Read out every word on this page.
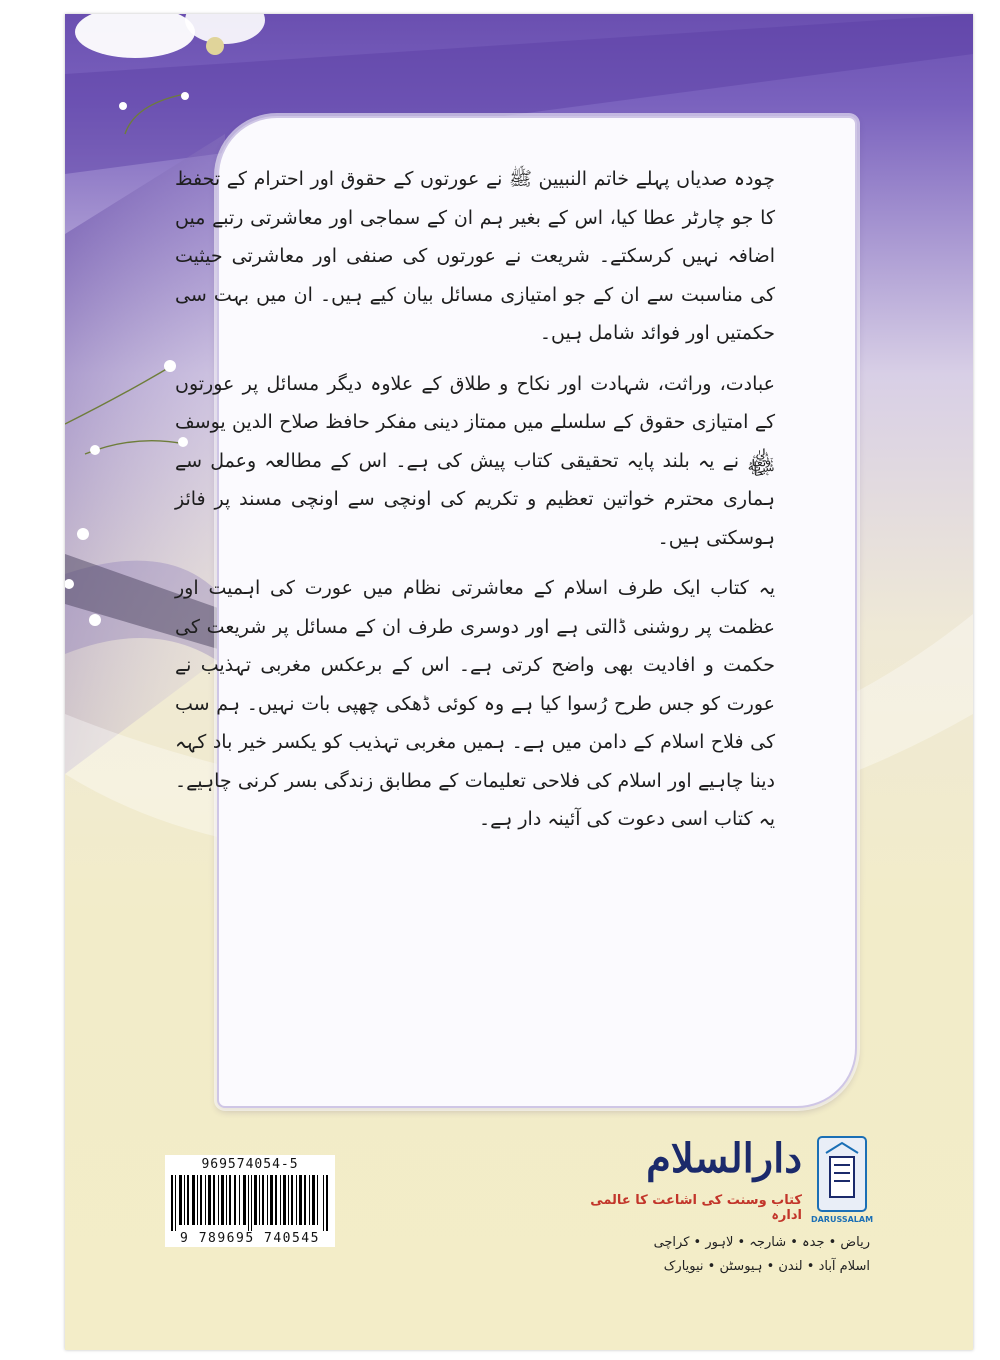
چودہ صدیاں پہلے خاتم النبیین ﷺ نے عورتوں کے حقوق اور احترام کے تحفظ کا جو چارٹر عطا کیا، اس کے بغیر ہم ان کے سماجی اور معاشرتی رتبے میں اضافہ نہیں کرسکتے۔ شریعت نے عورتوں کی صنفی اور معاشرتی حیثیت کی مناسبت سے ان کے جو امتیازی مسائل بیان کیے ہیں۔ ان میں بہت سی حکمتیں اور فوائد شامل ہیں۔

عبادت، وراثت، شہادت اور نکاح و طلاق کے علاوہ دیگر مسائل پر عورتوں کے امتیازی حقوق کے سلسلے میں ممتاز دینی مفکر حافظ صلاح الدین یوسف ﷾ نے یہ بلند پایہ تحقیقی کتاب پیش کی ہے۔ اس کے مطالعہ وعمل سے ہماری محترم خواتین تعظیم و تکریم کی اونچی سے اونچی مسند پر فائز ہوسکتی ہیں۔

یہ کتاب ایک طرف اسلام کے معاشرتی نظام میں عورت کی اہمیت اور عظمت پر روشنی ڈالتی ہے اور دوسری طرف ان کے مسائل پر شریعت کی حکمت و افادیت بھی واضح کرتی ہے۔ اس کے برعکس مغربی تہذیب نے عورت کو جس طرح رُسوا کیا ہے وہ کوئی ڈھکی چھپی بات نہیں۔ ہم سب کی فلاح اسلام کے دامن میں ہے۔ ہمیں مغربی تہذیب کو یکسر خیر باد کہہ دینا چاہیے اور اسلام کی فلاحی تعلیمات کے مطابق زندگی بسر کرنی چاہیے۔ یہ کتاب اسی دعوت کی آئینہ دار ہے۔

969574054-5
9 789695 740545
دارالسلام
کتاب وسنت کی اشاعت کا عالمی ادارہ DARUSSALAM
ریاض • جدہ • شارجہ • لاہور • کراچی
اسلام آباد • لندن • ہیوسٹن • نیویارک
